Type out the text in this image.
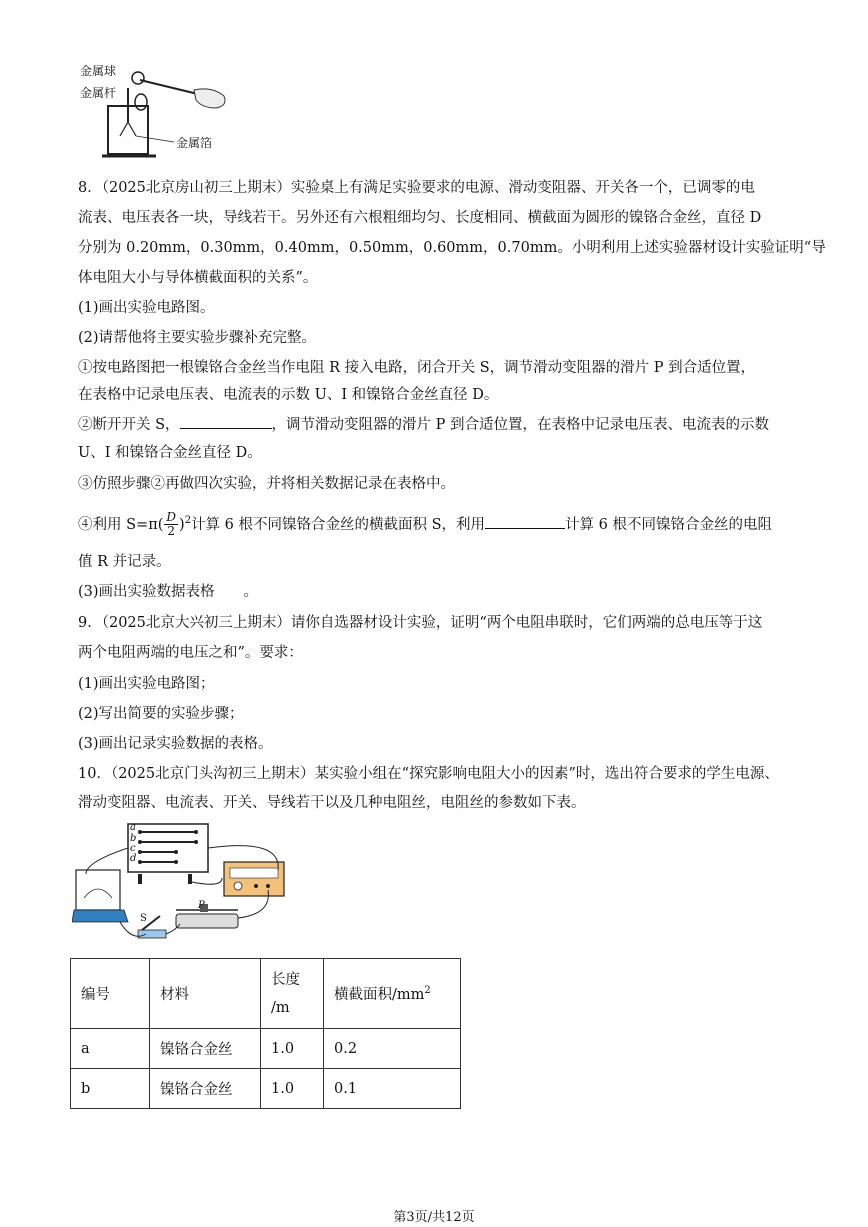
金属球
金属杆
金属箔
8．（2025北京房山初三上期末）实验桌上有满足实验要求的电源、滑动变阻器、开关各一个，已调零的电
流表、电压表各一块，导线若干。另外还有六根粗细均匀、长度相同、横截面为圆形的镍铬合金丝，直径 D
分别为 0.20mm，0.30mm，0.40mm，0.50mm，0.60mm，0.70mm。小明利用上述实验器材设计实验证明“导
体电阻大小与导体横截面积的关系”。
(1)画出实验电路图。
(2)请帮他将主要实验步骤补充完整。
①按电路图把一根镍铬合金丝当作电阻 R 接入电路，闭合开关 S，调节滑动变阻器的滑片 P 到合适位置，
在表格中记录电压表、电流表的示数 U、I 和镍铬合金丝直径 D。
②断开开关 S，	，调节滑动变阻器的滑片 P 到合适位置，在表格中记录电压表、电流表的示数
U、I 和镍铬合金丝直径 D。
③仿照步骤②再做四次实验，并将相关数据记录在表格中。
④利用 $S=\pi( \frac{D}{2} )^2$计算 6 根不同镍铬合金丝的横截面积 S，利用	计算 6 根不同镍铬合金丝的电阻
值 R 并记录。
(3)画出实验数据表格　　。
9．（2025北京大兴初三上期末）请你自选器材设计实验，证明“两个电阻串联时，它们两端的总电压等于这
两个电阻两端的电压之和”。要求：
(1)画出实验电路图；
(2)写出简要的实验步骤；
(3)画出记录实验数据的表格。
10．（2025北京门头沟初三上期末）某实验小组在“探究影响电阻大小的因素”时，选出符合要求的学生电源、
滑动变阻器、电流表、开关、导线若干以及几种电阻丝，电阻丝的参数如下表。
a
b
c
d
S
P
编号	材料	长度
/m	横截面积$/mm^2$
a	镍铬合金丝	1.0	0.2
b	镍铬合金丝	1.0	0.1
第3页/共12页
